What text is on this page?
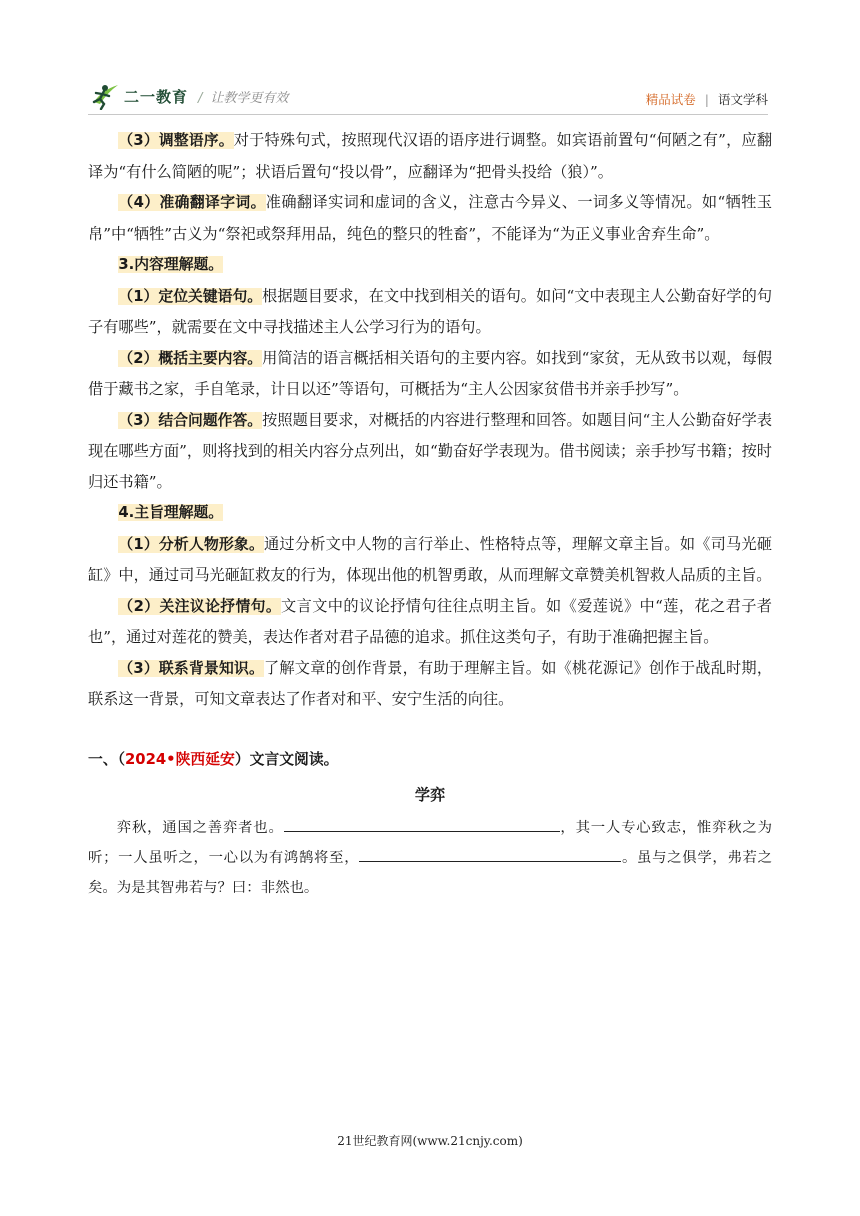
二一教育 / 让教学更有效	精品试卷 | 语文学科

（3）调整语序。对于特殊句式，按照现代汉语的语序进行调整。如宾语前置句“何陋之有”，应翻译为“有什么简陋的呢”；状语后置句“投以骨”，应翻译为“把骨头投给（狼）”。

（4）准确翻译字词。准确翻译实词和虚词的含义，注意古今异义、一词多义等情况。如“牺牲玉帛”中“牺牲”古义为“祭祀或祭拜用品，纯色的整只的牲畜”，不能译为“为正义事业舍弃生命”。

3.内容理解题。

（1）定位关键语句。根据题目要求，在文中找到相关的语句。如问“文中表现主人公勤奋好学的句子有哪些”，就需要在文中寻找描述主人公学习行为的语句。

（2）概括主要内容。用简洁的语言概括相关语句的主要内容。如找到“家贫，无从致书以观，每假借于藏书之家，手自笔录，计日以还”等语句，可概括为“主人公因家贫借书并亲手抄写”。

（3）结合问题作答。按照题目要求，对概括的内容进行整理和回答。如题目问“主人公勤奋好学表现在哪些方面”，则将找到的相关内容分点列出，如“勤奋好学表现为。借书阅读；亲手抄写书籍；按时归还书籍”。

4.主旨理解题。

（1）分析人物形象。通过分析文中人物的言行举止、性格特点等，理解文章主旨。如《司马光砸缸》中，通过司马光砸缸救友的行为，体现出他的机智勇敢，从而理解文章赞美机智救人品质的主旨。

（2）关注议论抒情句。文言文中的议论抒情句往往点明主旨。如《爱莲说》中“莲，花之君子者也”，通过对莲花的赞美，表达作者对君子品德的追求。抓住这类句子，有助于准确把握主旨。

（3）联系背景知识。了解文章的创作背景，有助于理解主旨。如《桃花源记》创作于战乱时期，联系这一背景，可知文章表达了作者对和平、安宁生活的向往。

一、（2024•陕西延安）文言文阅读。
学弈

弈秋，通国之善弈者也。	，其一人专心致志，惟弈秋之为听；一人虽听之，一心以为有鸿鹄将至，	。虽与之俱学，弗若之矣。为是其智弗若与？曰：非然也。

21世纪教育网(www.21cnjy.com)
